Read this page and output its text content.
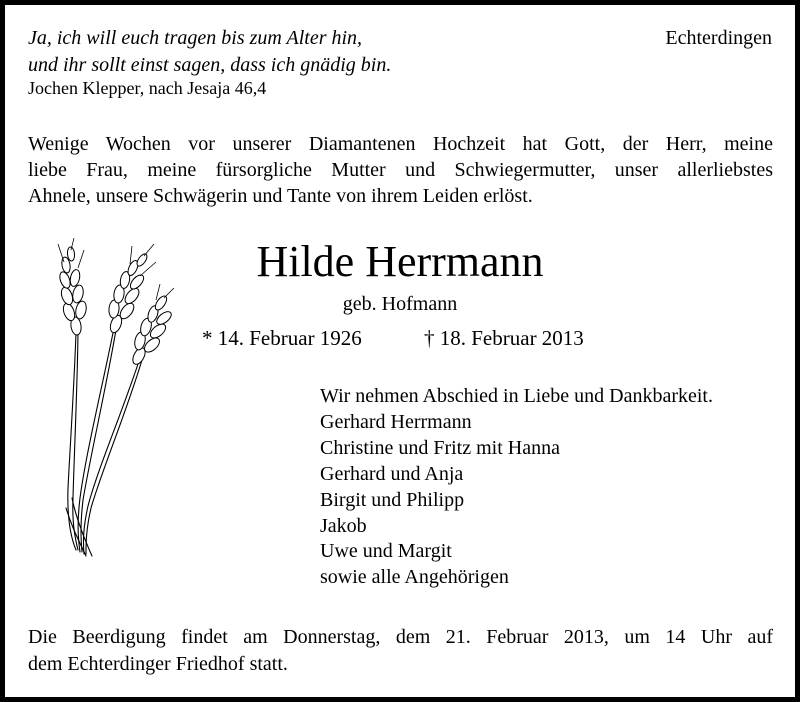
Ja, ich will euch tragen bis zum Alter hin,
und ihr sollt einst sagen, dass ich gnädig bin.
Jochen Klepper, nach Jesaja 46,4
Echterdingen
Wenige Wochen vor unserer Diamantenen Hochzeit hat Gott, der Herr, meine
liebe Frau, meine fürsorgliche Mutter und Schwiegermutter, unser allerliebstes
Ahnele, unsere Schwägerin und Tante von ihrem Leiden erlöst.
Hilde Herrmann
geb. Hofmann
* 14. Februar 1926	† 18. Februar 2013
Wir nehmen Abschied in Liebe und Dankbarkeit.
Gerhard Herrmann
Christine und Fritz mit Hanna
Gerhard und Anja
Birgit und Philipp
Jakob
Uwe und Margit
sowie alle Angehörigen
Die Beerdigung findet am Donnerstag, dem 21. Februar 2013, um 14 Uhr auf
dem Echterdinger Friedhof statt.
